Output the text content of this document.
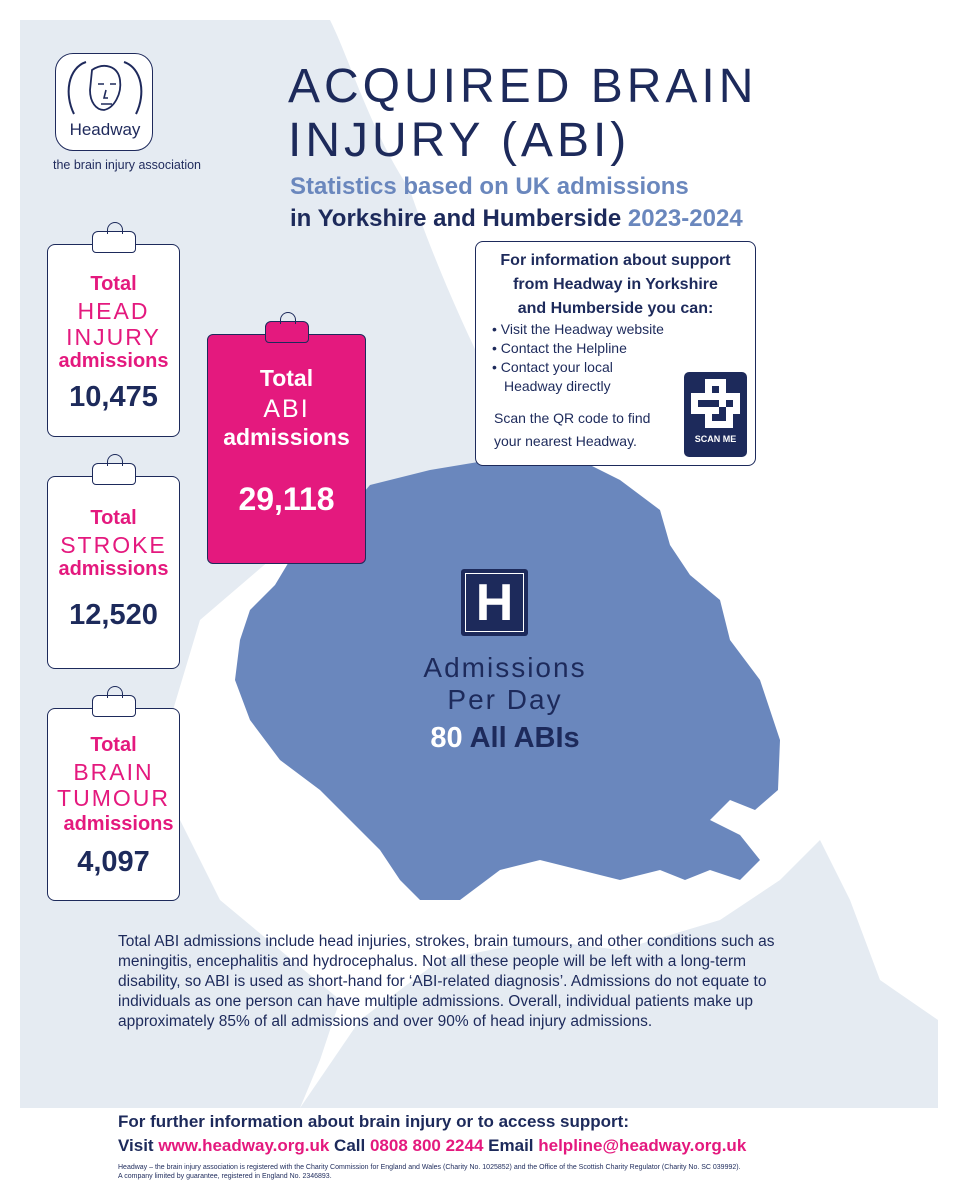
Headway
the brain injury association
ACQUIRED BRAIN
INJURY (ABI)
Statistics based on UK admissions
in Yorkshire and Humberside 2023-2024
Total
HEAD
INJURY
admissions
10,475
Total
STROKE
admissions
12,520
Total
BRAIN
TUMOUR
admissions
4,097
Total
ABI
admissions
29,118
For information about support
from Headway in Yorkshire
and Humberside you can:
• Visit the Headway website
• Contact the Helpline
• Contact your local
Headway directly
Scan the QR code to find
your nearest Headway.	SCAN ME
H
Admissions
Per Day
80 All ABIs
Total ABI admissions include head injuries, strokes, brain tumours, and other conditions such as meningitis, encephalitis and hydrocephalus. Not all these people will be left with a long-term disability, so ABI is used as short-hand for ‘ABI-related diagnosis’. Admissions do not equate to individuals as one person can have multiple admissions. Overall, individual patients make up approximately 85% of all admissions and over 90% of head injury admissions.
For further information about brain injury or to access support:
Visit www.headway.org.uk Call 0808 800 2244 Email helpline@headway.org.uk
Headway – the brain injury association is registered with the Charity Commission for England and Wales (Charity No. 1025852) and the Office of the Scottish Charity Regulator (Charity No. SC 039992).
A company limited by guarantee, registered in England No. 2346893.
